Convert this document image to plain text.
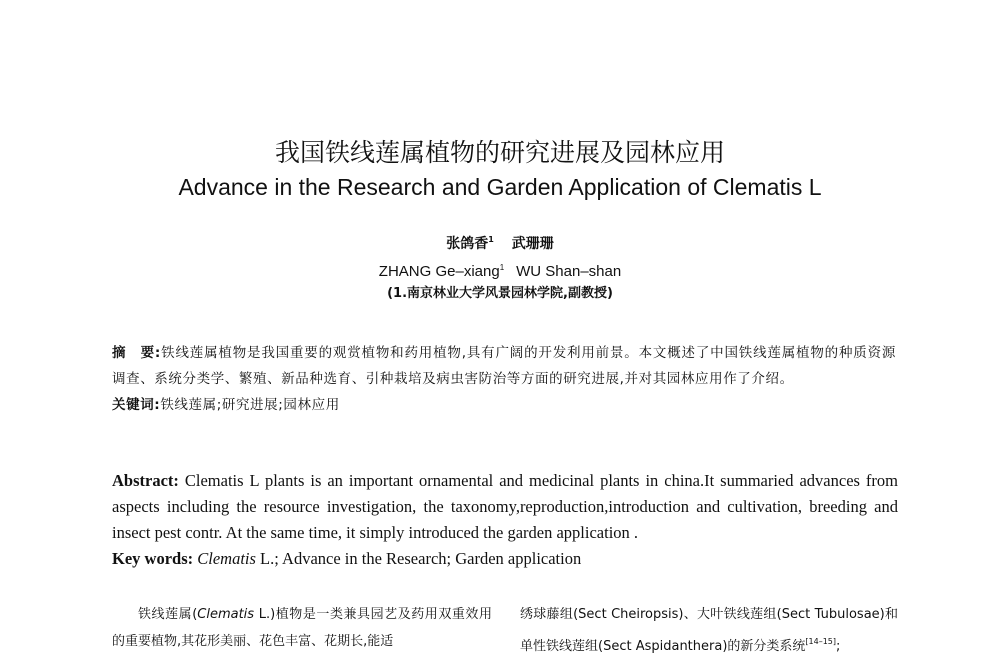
我国铁线莲属植物的研究进展及园林应用
Advance in the Research and Garden Application of Clematis L
张鸽香$^1$ 武珊珊
ZHANG Ge–xiang$^1$ WU Shan–shan
(1.南京林业大学风景园林学院,副教授)

摘　要:铁线莲属植物是我国重要的观赏植物和药用植物,具有广阔的开发利用前景。本文概述了中国铁线莲属植物的种质资源调查、系统分类学、繁殖、新品种选育、引种栽培及病虫害防治等方面的研究进展,并对其园林应用作了介绍。

关键词:铁线莲属;研究进展;园林应用

Abstract: Clematis L plants is an important ornamental and medicinal plants in china.It summaried advances from aspects including the resource investigation, the taxonomy,reproduction,introduction and cultivation, breeding and insect pest contr. At the same time, it simply introduced the garden application .

Key words: Clematis L.; Advance in the Research; Garden application

铁线莲属(Clematis L.)植物是一类兼具园艺及药用双重效用的重要植物,其花形美丽、花色丰富、花期长,能适

绣球藤组(Sect Cheiropsis)、大叶铁线莲组(Sect Tubulosae)和单性铁线莲组(Sect Aspidanthera)的新分类系统[14–15];
